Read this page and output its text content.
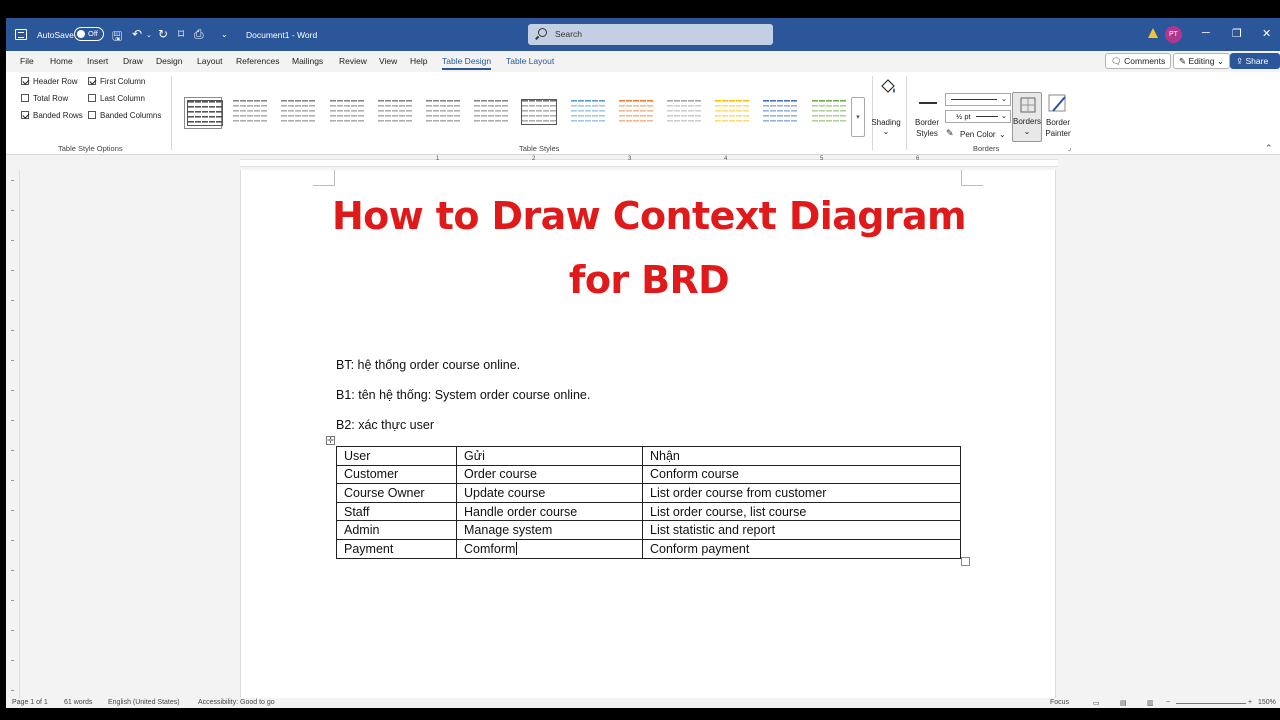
AutoSave Off 🖫 ↶ ⌄ ↻ ⌑ ⎙ ⌄ Document1 - Word	Search	PT	─ ❐ ✕
File Home Insert Draw Design Layout References Mailings Review View Help Table Design Table Layout	🗨 Comments	✎ Editing ⌄	⇪ Share
Header Row	First Column
Total Row	Last Column
Banded Rows Banded Columns
Table Style Options
▾
Table Styles
Shading
⌄
Border
Styles
⌄
½ pt	⌄
✎ Pen Color ⌄
Borders
⌄
Border
Painter
Borders	⌟	⌃
1	2	3	4	5	6
How to Draw Context Diagram
for BRD
BT: hệ thống order course online.
B1: tên hệ thống: System order course online.
B2: xác thực user
✛
User	Gửi	Nhận
Customer	Order course	Conform course
Course Owner	Update course	List order course from customer
Staff	Handle order course	List order course, list course
Admin	Manage system	List statistic and report
Payment	Comform	Conform payment
Page 1 of 1 61 words English (United States)	Accessibility: Good to go	Focus	▭	▤	▥ −	+ 150%
